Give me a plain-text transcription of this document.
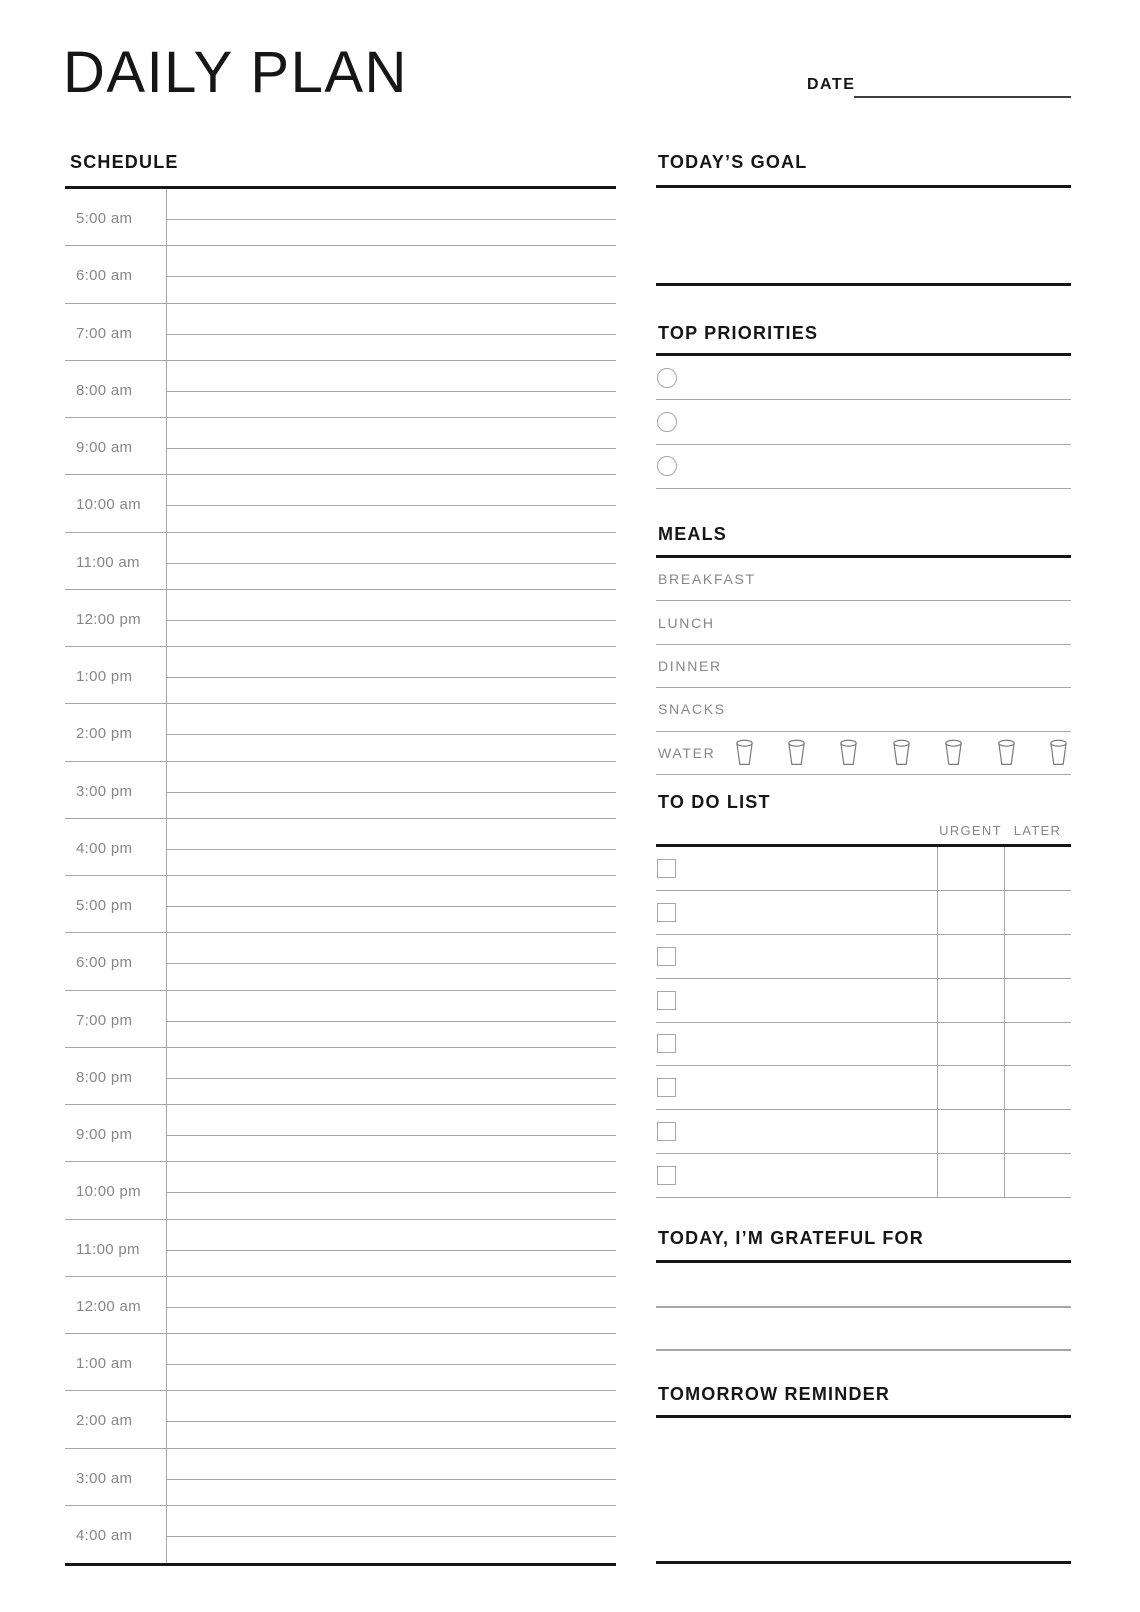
DAILY PLAN	DATE
SCHEDULE
5:00 am
6:00 am
7:00 am
8:00 am
9:00 am
10:00 am
11:00 am
12:00 pm
1:00 pm
2:00 pm
3:00 pm
4:00 pm
5:00 pm
6:00 pm
7:00 pm
8:00 pm
9:00 pm
10:00 pm
11:00 pm
12:00 am
1:00 am
2:00 am
3:00 am
4:00 am
TODAY’S GOAL
TOP PRIORITIES
MEALS
BREAKFAST
LUNCH
DINNER
SNACKS
WATER
TO DO LIST
URGENT LATER
TODAY, I’M GRATEFUL FOR
TOMORROW REMINDER
